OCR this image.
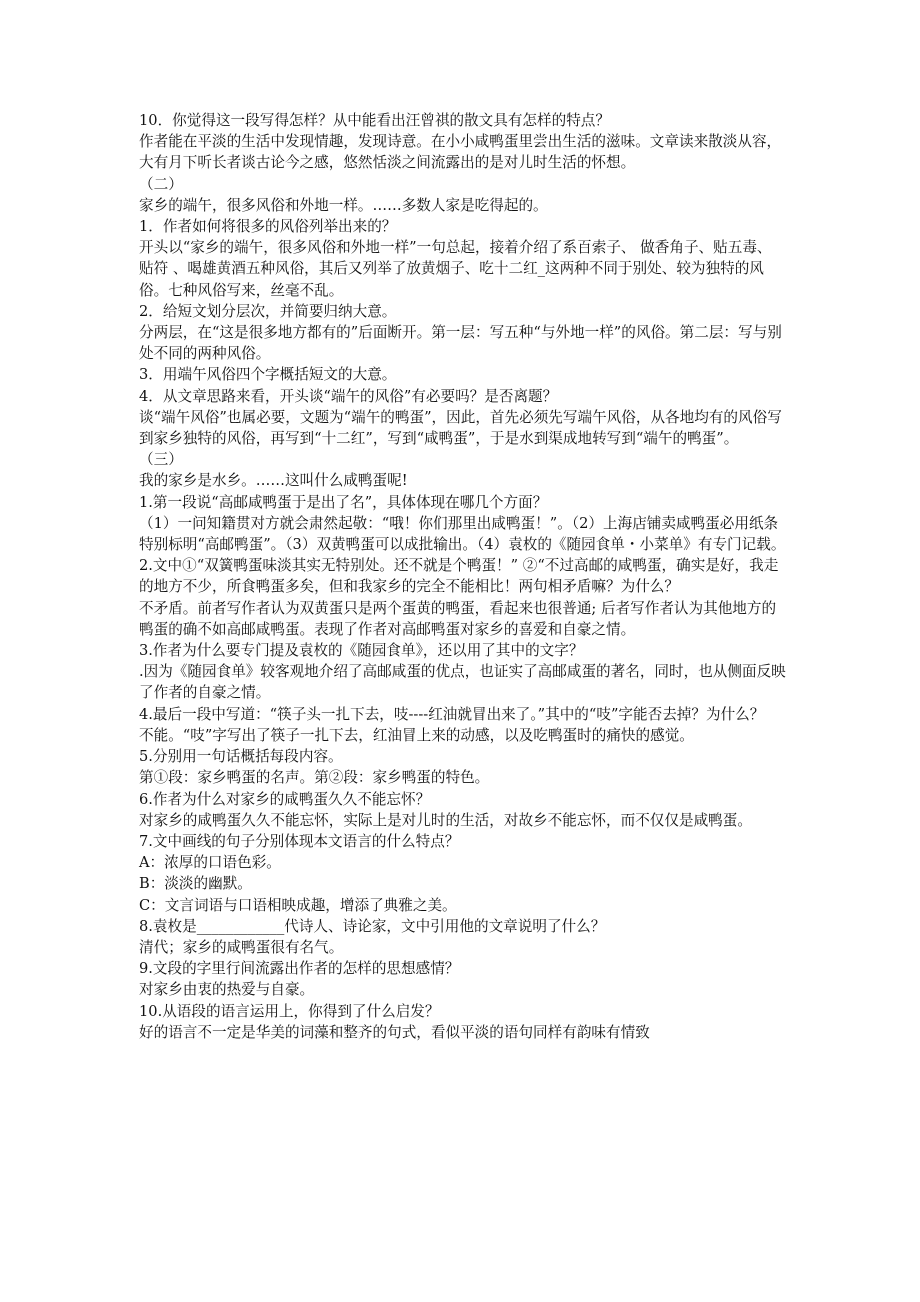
10．你觉得这一段写得怎样？从中能看出汪曾祺的散文具有怎样的特点？

作者能在平淡的生活中发现情趣，发现诗意。在小小咸鸭蛋里尝出生活的滋味。文章读来散淡从容，大有月下听长者谈古论今之感，悠然恬淡之间流露出的是对儿时生活的怀想。

（二）

家乡的端午，很多风俗和外地一样。……多数人家是吃得起的。

1．作者如何将很多的风俗列举出来的？

开头以“家乡的端午，很多风俗和外地一样”一句总起，接着介绍了系百索子、 做香角子、贴五毒、 贴符 、喝雄黄酒五种风俗，其后又列举了放黄烟子、吃十二红_这两种不同于别处、较为独特的风俗。七种风俗写来，丝毫不乱。

2．给短文划分层次，并简要归纳大意。

分两层，在“这是很多地方都有的”后面断开。第一层：写五种“与外地一样”的风俗。第二层：写与别处不同的两种风俗。

3．用端午风俗四个字概括短文的大意。

4．从文章思路来看，开头谈“端午的风俗”有必要吗？是否离题？

谈“端午风俗”也属必要，文题为“端午的鸭蛋”，因此，首先必须先写端午风俗，从各地均有的风俗写到家乡独特的风俗，再写到“十二红”，写到“咸鸭蛋”，于是水到渠成地转写到“端午的鸭蛋”。

（三）

我的家乡是水乡。……这叫什么咸鸭蛋呢!

1.第一段说“高邮咸鸭蛋于是出了名”，具体体现在哪几个方面？

（1）一问知籍贯对方就会肃然起敬：“哦！你们那里出咸鸭蛋！”。（2）上海店铺卖咸鸭蛋必用纸条特别标明“高邮鸭蛋”。（3）双黄鸭蛋可以成批输出。（4）袁枚的《随园食单・小菜单》有专门记载。

2.文中①“双簧鸭蛋味淡其实无特别处。还不就是个鸭蛋！” ②“不过高邮的咸鸭蛋，确实是好，我走的地方不少，所食鸭蛋多矣，但和我家乡的完全不能相比！两句相矛盾嘛？为什么？

不矛盾。前者写作者认为双黄蛋只是两个蛋黄的鸭蛋，看起来也很普通; 后者写作者认为其他地方的鸭蛋的确不如高邮咸鸭蛋。表现了作者对高邮鸭蛋对家乡的喜爱和自豪之情。

3.作者为什么要专门提及袁枚的《随园食单》，还以用了其中的文字？

.因为《随园食单》较客观地介绍了高邮咸蛋的优点，也证实了高邮咸蛋的著名，同时，也从侧面反映了作者的自豪之情。

4.最后一段中写道：“筷子头一扎下去，吱----红油就冒出来了。”其中的“吱”字能否去掉？为什么？

不能。“吱”字写出了筷子一扎下去，红油冒上来的动感，以及吃鸭蛋时的痛快的感觉。

5.分别用一句话概括每段内容。

第①段：家乡鸭蛋的名声。第②段：家乡鸭蛋的特色。

6.作者为什么对家乡的咸鸭蛋久久不能忘怀？

对家乡的咸鸭蛋久久不能忘怀，实际上是对儿时的生活，对故乡不能忘怀，而不仅仅是咸鸭蛋。

7.文中画线的句子分别体现本文语言的什么特点？

A：浓厚的口语色彩。

B：淡淡的幽默。

C：文言词语与口语相映成趣，增添了典雅之美。

8.袁枚是____________代诗人、诗论家，文中引用他的文章说明了什么？

清代；家乡的咸鸭蛋很有名气。

9.文段的字里行间流露出作者的怎样的思想感情？

对家乡由衷的热爱与自豪。

10.从语段的语言运用上，你得到了什么启发？

好的语言不一定是华美的词藻和整齐的句式，看似平淡的语句同样有韵味有情致
